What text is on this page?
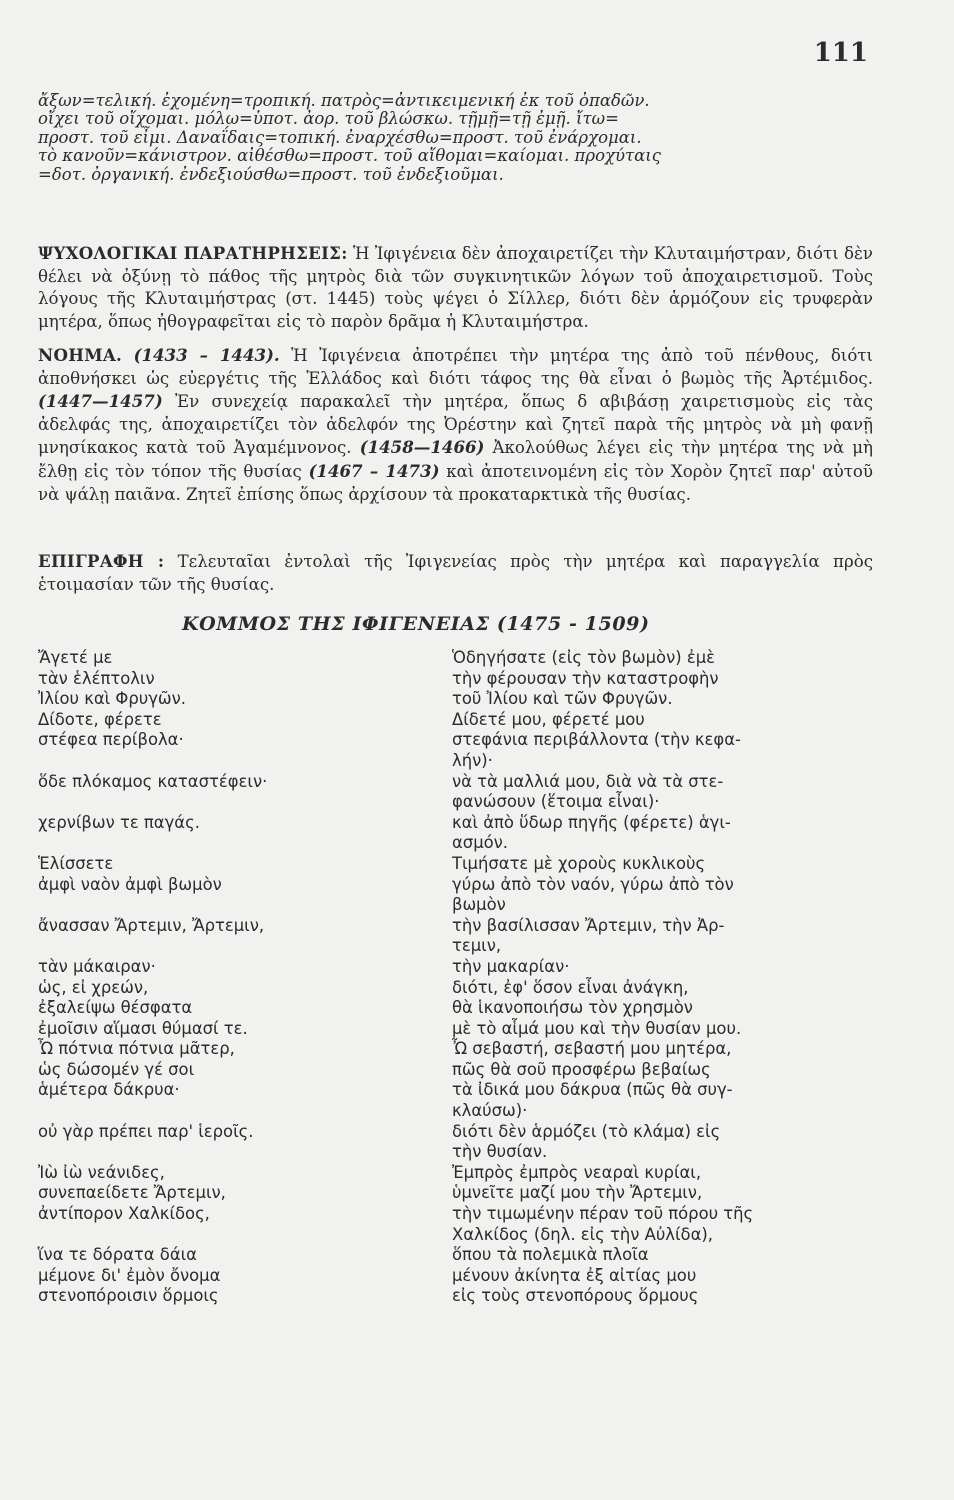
111

ἄξων=τελική. ἐχομένη=τροπική. πατρὸς=ἀντικειμενική ἐκ τοῦ ὀπαδῶν.

οἴχει τοῦ οἴχομαι. μόλω=ὑποτ. ἀορ. τοῦ βλώσκω. τῇμῇ=τῇ ἐμῇ. ἴτω=

προστ. τοῦ εἶμι. Δαναΐδαις=τοπική. ἐναρχέσθω=προστ. τοῦ ἐνάρχομαι.

τὸ κανοῦν=κάνιστρον. αἰθέσθω=προστ. τοῦ αἴθομαι=καίομαι. προχύταις

=δοτ. ὀργανική. ἐνδεξιούσθω=προστ. τοῦ ἐνδεξιοῦμαι.

ΨΥΧΟΛΟΓΙΚΑΙ ΠΑΡΑΤΗΡΗΣΕΙΣ: Ἡ Ἰφιγένεια δὲν ἀποχαιρετίζει τὴν Κλυταιμήστραν, διότι δὲν θέλει νὰ ὀξύνῃ τὸ πάθος τῆς μητρὸς διὰ τῶν συγκινητικῶν λόγων τοῦ ἀποχαιρετισμοῦ. Τοὺς λόγους τῆς Κλυταιμήστρας (στ. 1445) τοὺς ψέγει ὁ Σίλλερ, διότι δὲν ἁρμόζουν εἰς τρυφερὰν μητέρα, ὅπως ἠθογραφεῖται εἰς τὸ παρὸν δρᾶμα ἡ Κλυταιμήστρα.

ΝΟΗΜΑ. (1433 – 1443). Ἡ Ἰφιγένεια ἀποτρέπει τὴν μητέρα της ἀπὸ τοῦ πένθους, διότι ἀποθνήσκει ὡς εὐεργέτις τῆς Ἑλλάδος καὶ διότι τάφος της θὰ εἶναι ὁ βωμὸς τῆς Ἀρτέμιδος. (1447—1457) Ἐν συνεχείᾳ παρακαλεῖ τὴν μητέρα, ὅπως δ αβιβάσῃ χαιρετισμοὺς εἰς τὰς ἀδελφάς της, ἀποχαιρετίζει τὸν ἀδελφόν της Ὀρέστην καὶ ζητεῖ παρὰ τῆς μητρὸς νὰ μὴ φανῇ μνησίκακος κατὰ τοῦ Ἀγαμέμνονος. (1458—1466) Ἀκολούθως λέγει εἰς τὴν μητέρα της νὰ μὴ ἔλθῃ εἰς τὸν τόπον τῆς θυσίας (1467 – 1473) καὶ ἀποτεινομένη εἰς τὸν Χορὸν ζητεῖ παρ' αὐτοῦ νὰ ψάλῃ παιᾶνα. Ζητεῖ ἐπίσης ὅπως ἀρχίσουν τὰ προκαταρκτικὰ τῆς θυσίας.

ΕΠΙΓΡΑΦΗ : Τελευταῖαι ἐντολαὶ τῆς Ἰφιγενείας πρὸς τὴν μητέρα καὶ παραγγελία πρὸς ἑτοιμασίαν τῶν τῆς θυσίας.

ΚΟΜΜΟΣ ΤΗΣ ΙΦΙΓΕΝΕΙΑΣ (1475 - 1509)

Ἄγετέ με

τὰν ἑλέπτολιν

Ἰλίου καὶ Φρυγῶν.

Δίδοτε, φέρετε

στέφεα περίβολα·

ὅδε πλόκαμος καταστέφειν·

χερνίβων τε παγάς.

Ἑλίσσετε

ἀμφὶ ναὸν ἀμφὶ βωμὸν

ἄνασσαν Ἄρτεμιν, Ἄρτεμιν,

τὰν μάκαιραν·

ὡς, εἰ χρεών,

ἐξαλείψω θέσφατα

ἐμοῖσιν αἵμασι θύμασί τε.

Ὦ πότνια πότνια μᾶτερ,

ὡς δώσομέν γέ σοι

ἁμέτερα δάκρυα·

οὐ γὰρ πρέπει παρ' ἱεροῖς.

Ἰὼ ἰὼ νεάνιδες,

συνεπαείδετε Ἄρτεμιν,

ἀντίπορον Χαλκίδος,

ἵνα τε δόρατα δάια

μέμονε δι' ἐμὸν ὄνομα

στενοπόροισιν ὅρμοις

Ὁδηγήσατε (εἰς τὸν βωμὸν) ἐμὲ

τὴν φέρουσαν τὴν καταστροφὴν

τοῦ Ἰλίου καὶ τῶν Φρυγῶν.

Δίδετέ μου, φέρετέ μου

στεφάνια περιβάλλοντα (τὴν κεφα-

λήν)·

νὰ τὰ μαλλιά μου, διὰ νὰ τὰ στε-

φανώσουν (ἕτοιμα εἶναι)·

καὶ ἀπὸ ὕδωρ πηγῆς (φέρετε) ἁγι-

ασμόν.

Τιμήσατε μὲ χοροὺς κυκλικοὺς

γύρω ἀπὸ τὸν ναόν, γύρω ἀπὸ τὸν

βωμὸν

τὴν βασίλισσαν Ἄρτεμιν, τὴν Ἀρ-

τεμιν,

τὴν μακαρίαν·

διότι, ἐφ' ὅσον εἶναι ἀνάγκη,

θὰ ἱκανοποιήσω τὸν χρησμὸν

μὲ τὸ αἷμά μου καὶ τὴν θυσίαν μου.

Ὦ σεβαστή, σεβαστή μου μητέρα,

πῶς θὰ σοῦ προσφέρω βεβαίως

τὰ ἰδικά μου δάκρυα (πῶς θὰ συγ-

κλαύσω)·

διότι δὲν ἁρμόζει (τὸ κλάμα) εἰς

τὴν θυσίαν.

Ἐμπρὸς ἐμπρὸς νεαραὶ κυρίαι,

ὑμνεῖτε μαζί μου τὴν Ἄρτεμιν,

τὴν τιμωμένην πέραν τοῦ πόρου τῆς

Χαλκίδος (δηλ. εἰς τὴν Αὐλίδα),

ὅπου τὰ πολεμικὰ πλοῖα

μένουν ἀκίνητα ἐξ αἰτίας μου

εἰς τοὺς στενοπόρους ὅρμους
